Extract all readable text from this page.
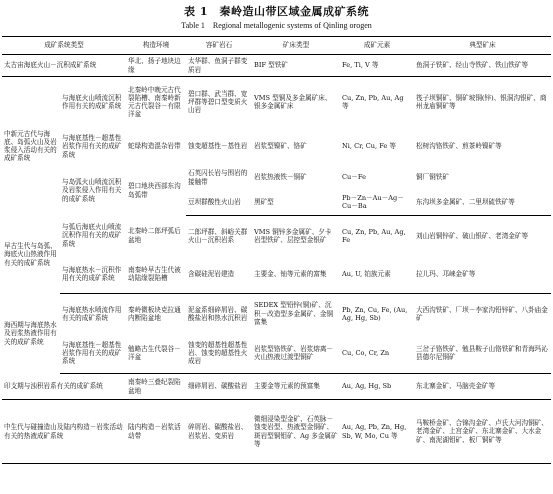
表 1　秦岭造山带区域金属成矿系统
Table 1　Regional metallogenic systems of Qinling orogen
成矿系统类型		构造环境	容矿岩石	矿床类型	成矿元素	典型矿床
太古宙海底火山－沉积成矿系统		华北、扬子地块边缘	太华群、鱼洞子群变质岩	BIF 型铁矿	Fe, Ti, V 等	鱼洞子铁矿、经山寺铁矿、铁山铁矿等
中新元古代与海底、岛弧火山及岩浆侵入活动有关的成矿系统	与海底火山喷流沉积作用有关的成矿系统	北秦岭中晚元古代裂陷槽、南秦岭新元古代裂谷－有限洋盆	碧口群、武当群、宽坪群等碧口型变质火山岩	VMS 型铜及多金属矿床、银多金属矿床	Cu, Zn, Pb, Au, Ag 等	筏子坝铜矿、铜矿坡铜(锌)、银洞沟银矿、商州龙庙铜矿等
	与海底基性－超基性岩浆作用有关的成矿系统	蛇绿构造混杂岩带	蚀变超基性－基性岩	岩浆型镍矿、铬矿	Ni, Cr, Cu, Fe 等	松树沟铬铁矿、煎茶岭镍矿等
	与岛弧火山喷流沉积及岩浆侵入作用有关的成矿系统	碧口地块西部东沟岛弧带	石英闪长岩与围岩的接触带	岩浆热液铁－铜矿	Cu－Fe	铜厂铜铁矿
			豆坝群酸性火山岩	黑矿型	Pb－Zn－Au－Ag－Cu－Ba	东沟坝多金属矿、二里坝硫铁矿等
早古生代与岛弧、海底火山热液作用有关的成矿系统	与弧后海底火山喷流沉积作用有关的成矿系统	北秦岭二郎坪弧后盆地	二郎坪群、斜峪关群火山－沉积岩系	VMS 铜锌多金属矿、夕卡岩型铁矿、层控型金银矿	Cu, Zn, Pb, Au, Ag, Fe	刘山岩铜锌矿、破山银矿、老湾金矿等
	与海底热水－沉积作用有关的成矿系统	南秦岭早古生代被动陆缘裂陷槽	含碳硅泥岩建造	主要金、铀等元素的富集	Au, U, 铂族元素	拉儿玛、邛崃金矿等
海西期与海底热水及岩浆热液作用有关的成矿系统	与海底热水喷流作用有关的成矿系统	秦岭微板块克拉通内断陷盆地	泥盆系细碎屑岩、碳酸盐岩和热水沉积岩	SEDEX 型铅锌(铜)矿、沉积－改造型多金属矿、金铜富集	Pb, Zn, Cu, Fe, (Au, Ag, Hg, Sb)	大西沟铁矿、厂坝－李家沟铅锌矿、八卦庙金矿
	与海底基性－超基性岩浆作用有关的成矿系统	勉略古生代裂谷－洋盆	蚀变的超基性超基性岩、蚀变的超基性火成岩	岩浆型铬铁矿、岩浆熔离－火山热液过渡型铜矿	Cu, Co, Cr, Zn	三岔子铬铁矿、勉县鞍子山铬铁矿和青海玛沁县德尔尼铜矿
印支期与浊积岩系有关的成矿系统		南秦岭三叠纪裂陷盆地	细碎屑岩、碳酸盐岩	主要金等元素的预富集	Au, Ag, Hg, Sb	东北寨金矿、马脑壳金矿等
中生代与碰撞造山及陆内构造－岩浆活动有关的热液成矿系统		陆内构造－岩浆活动带	碎屑岩、碳酸盐岩、岩浆岩、变质岩	微细浸染型金矿、石英脉－蚀变岩型、热液型金铜矿、斑岩型铜钼矿、Ag 多金属矿等	Au, Ag, Pb, Zn, Hg, Sb, W, Mo, Cu 等	马鞍桥金矿、合锦沟金矿、卢氏大河沟铜矿、老湾金矿、上宫金矿、东北寨金矿、大水金矿、南泥湖钼矿、板厂铜矿等
